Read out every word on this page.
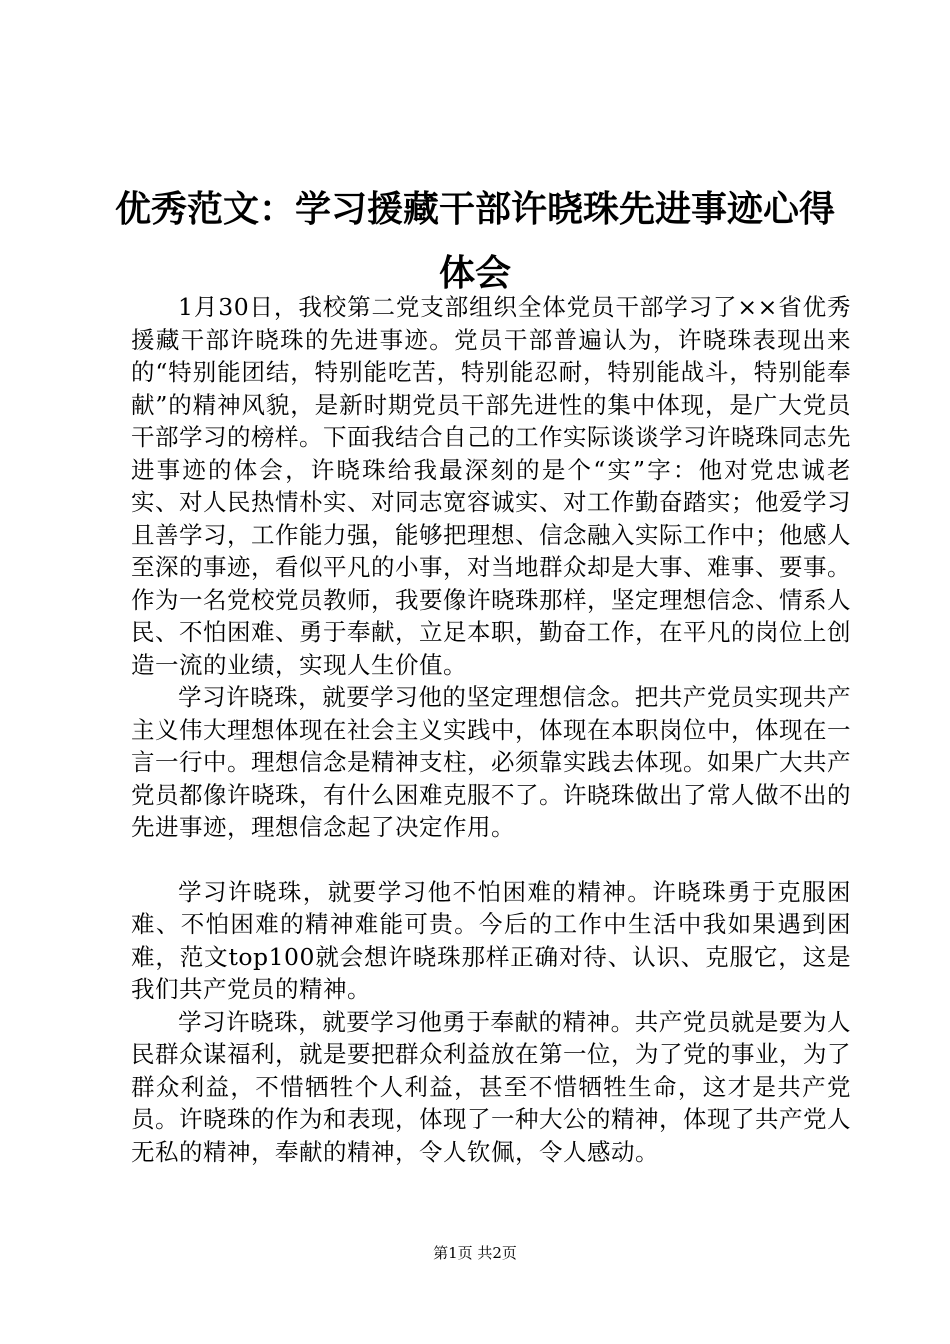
优秀范文：学习援藏干部许晓珠先进事迹心得体会

1月30日，我校第二党支部组织全体党员干部学习了××省优秀援藏干部许晓珠的先进事迹。党员干部普遍认为，许晓珠表现出来的“特别能团结，特别能吃苦，特别能忍耐，特别能战斗，特别能奉献”的精神风貌，是新时期党员干部先进性的集中体现，是广大党员干部学习的榜样。下面我结合自己的工作实际谈谈学习许晓珠同志先进事迹的体会，许晓珠给我最深刻的是个“实”字：他对党忠诚老实、对人民热情朴实、对同志宽容诚实、对工作勤奋踏实；他爱学习且善学习，工作能力强，能够把理想、信念融入实际工作中；他感人至深的事迹，看似平凡的小事，对当地群众却是大事、难事、要事。作为一名党校党员教师，我要像许晓珠那样，坚定理想信念、情系人民、不怕困难、勇于奉献，立足本职，勤奋工作，在平凡的岗位上创造一流的业绩，实现人生价值。

学习许晓珠，就要学习他的坚定理想信念。把共产党员实现共产主义伟大理想体现在社会主义实践中，体现在本职岗位中，体现在一言一行中。理想信念是精神支柱，必须靠实践去体现。如果广大共产党员都像许晓珠，有什么困难克服不了。许晓珠做出了常人做不出的先进事迹，理想信念起了决定作用。

学习许晓珠，就要学习他不怕困难的精神。许晓珠勇于克服困难、不怕困难的精神难能可贵。今后的工作中生活中我如果遇到困难，范文top100就会想许晓珠那样正确对待、认识、克服它，这是我们共产党员的精神。

学习许晓珠，就要学习他勇于奉献的精神。共产党员就是要为人民群众谋福利，就是要把群众利益放在第一位，为了党的事业，为了群众利益，不惜牺牲个人利益，甚至不惜牺牲生命，这才是共产党员。许晓珠的作为和表现，体现了一种大公的精神，体现了共产党人无私的精神，奉献的精神，令人钦佩，令人感动。

第1页 共2页
